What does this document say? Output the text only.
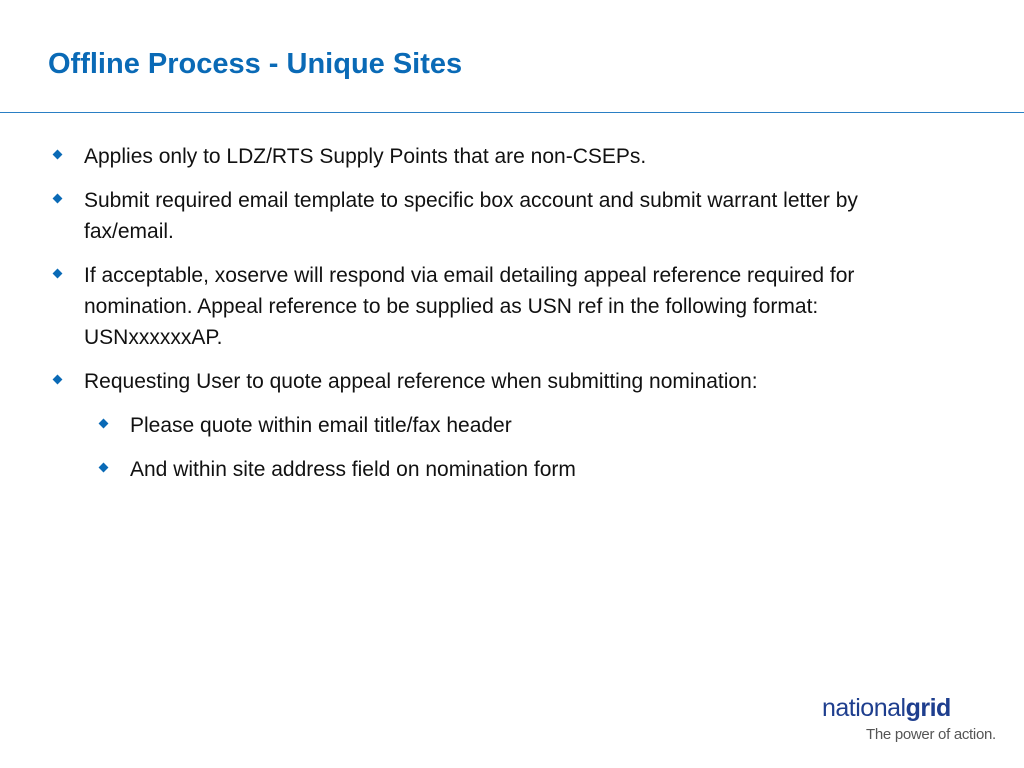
Offline Process - Unique Sites
Applies only to LDZ/RTS Supply Points that are non-CSEPs.
Submit required email template to specific box account and submit warrant letter by fax/email.
If acceptable, xoserve will respond via email detailing appeal reference required for nomination. Appeal reference to be supplied as USN ref in the following format: USNxxxxxxAP.
Requesting User to quote appeal reference when submitting nomination:
Please quote within email title/fax header
And within site address field on nomination form
nationalgrid
The power of action.
